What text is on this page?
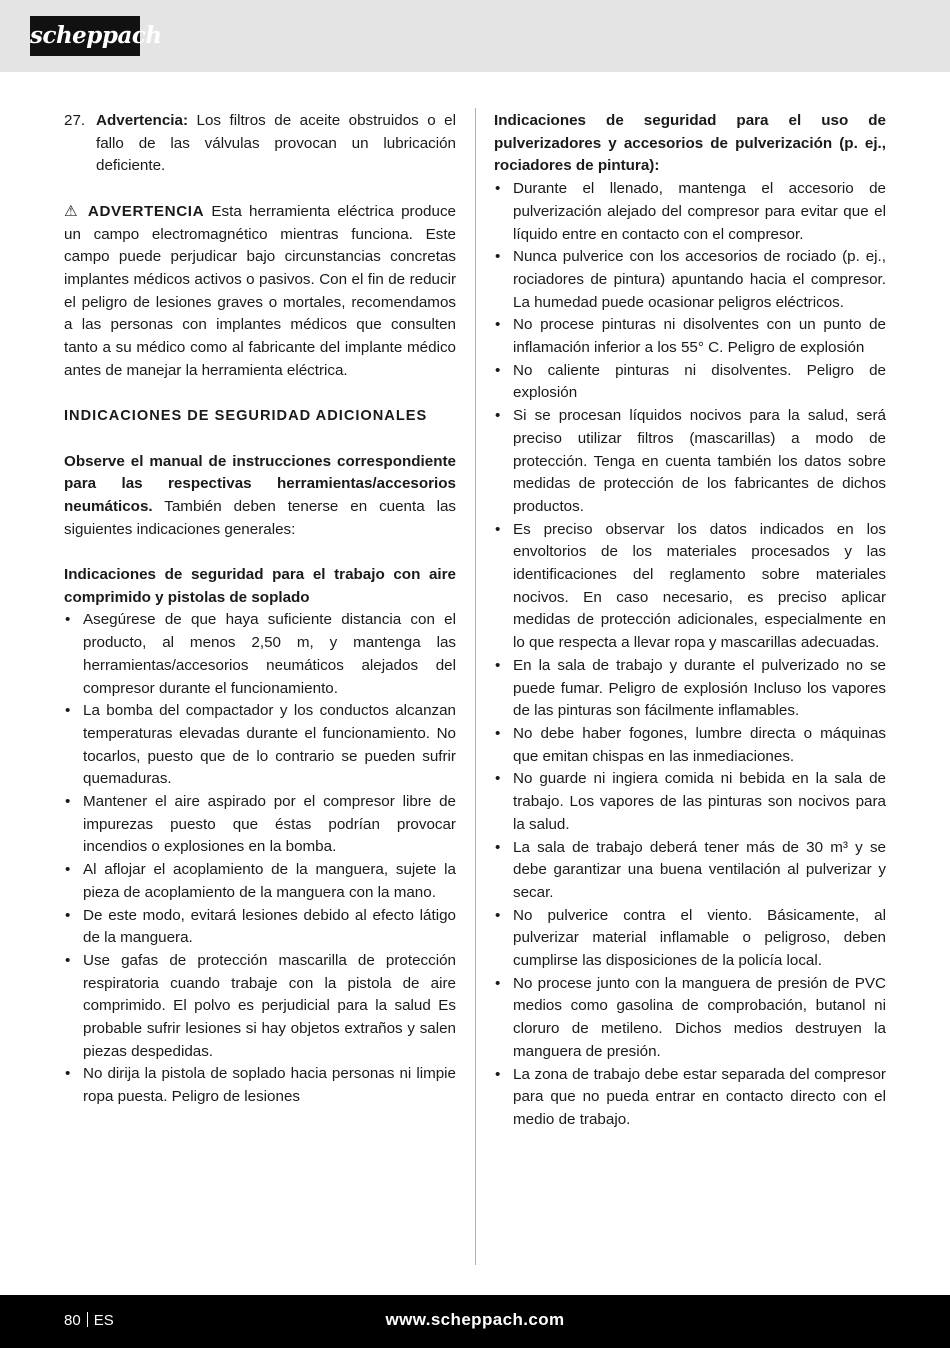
scheppach

27. Advertencia: Los filtros de aceite obstruidos o el fallo de las válvulas provocan un lubricación deficiente.

⚠ ADVERTENCIA Esta herramienta eléctrica produce un campo electromagnético mientras funciona. Este campo puede perjudicar bajo circunstancias concretas implantes médicos activos o pasivos. Con el fin de reducir el peligro de lesiones graves o mortales, recomendamos a las personas con implantes médicos que consulten tanto a su médico como al fabricante del implante médico antes de manejar la herramienta eléctrica.

INDICACIONES DE SEGURIDAD ADICIONALES

Observe el manual de instrucciones correspondiente para las respectivas herramientas/accesorios neumáticos. También deben tenerse en cuenta las siguientes indicaciones generales:

Indicaciones de seguridad para el trabajo con aire comprimido y pistolas de soplado

• Asegúrese de que haya suficiente distancia con el producto, al menos 2,50 m, y mantenga las herramientas/accesorios neumáticos alejados del compresor durante el funcionamiento.
• La bomba del compactador y los conductos alcanzan temperaturas elevadas durante el funcionamiento. No tocarlos, puesto que de lo contrario se pueden sufrir quemaduras.
• Mantener el aire aspirado por el compresor libre de impurezas puesto que éstas podrían provocar incendios o explosiones en la bomba.
• Al aflojar el acoplamiento de la manguera, sujete la pieza de acoplamiento de la manguera con la mano.
• De este modo, evitará lesiones debido al efecto látigo de la manguera.
• Use gafas de protección mascarilla de protección respiratoria cuando trabaje con la pistola de aire comprimido. El polvo es perjudicial para la salud Es probable sufrir lesiones si hay objetos extraños y salen piezas despedidas.
• No dirija la pistola de soplado hacia personas ni limpie ropa puesta. Peligro de lesiones

Indicaciones de seguridad para el uso de pulverizadores y accesorios de pulverización (p. ej., rociadores de pintura):

• Durante el llenado, mantenga el accesorio de pulverización alejado del compresor para evitar que el líquido entre en contacto con el compresor.
• Nunca pulverice con los accesorios de rociado (p. ej., rociadores de pintura) apuntando hacia el compresor. La humedad puede ocasionar peligros eléctricos.
• No procese pinturas ni disolventes con un punto de inflamación inferior a los 55° C. Peligro de explosión
• No caliente pinturas ni disolventes. Peligro de explosión
• Si se procesan líquidos nocivos para la salud, será preciso utilizar filtros (mascarillas) a modo de protección. Tenga en cuenta también los datos sobre medidas de protección de los fabricantes de dichos productos.
• Es preciso observar los datos indicados en los envoltorios de los materiales procesados y las identificaciones del reglamento sobre materiales nocivos. En caso necesario, es preciso aplicar medidas de protección adicionales, especialmente en lo que respecta a llevar ropa y mascarillas adecuadas.
• En la sala de trabajo y durante el pulverizado no se puede fumar. Peligro de explosión Incluso los vapores de las pinturas son fácilmente inflamables.
• No debe haber fogones, lumbre directa o máquinas que emitan chispas en las inmediaciones.
• No guarde ni ingiera comida ni bebida en la sala de trabajo. Los vapores de las pinturas son nocivos para la salud.
• La sala de trabajo deberá tener más de 30 m³ y se debe garantizar una buena ventilación al pulverizar y secar.
• No pulverice contra el viento. Básicamente, al pulverizar material inflamable o peligroso, deben cumplirse las disposiciones de la policía local.
• No procese junto con la manguera de presión de PVC medios como gasolina de comprobación, butanol ni cloruro de metileno. Dichos medios destruyen la manguera de presión.
• La zona de trabajo debe estar separada del compresor para que no pueda entrar en contacto directo con el medio de trabajo.
80 ES	www.scheppach.com
